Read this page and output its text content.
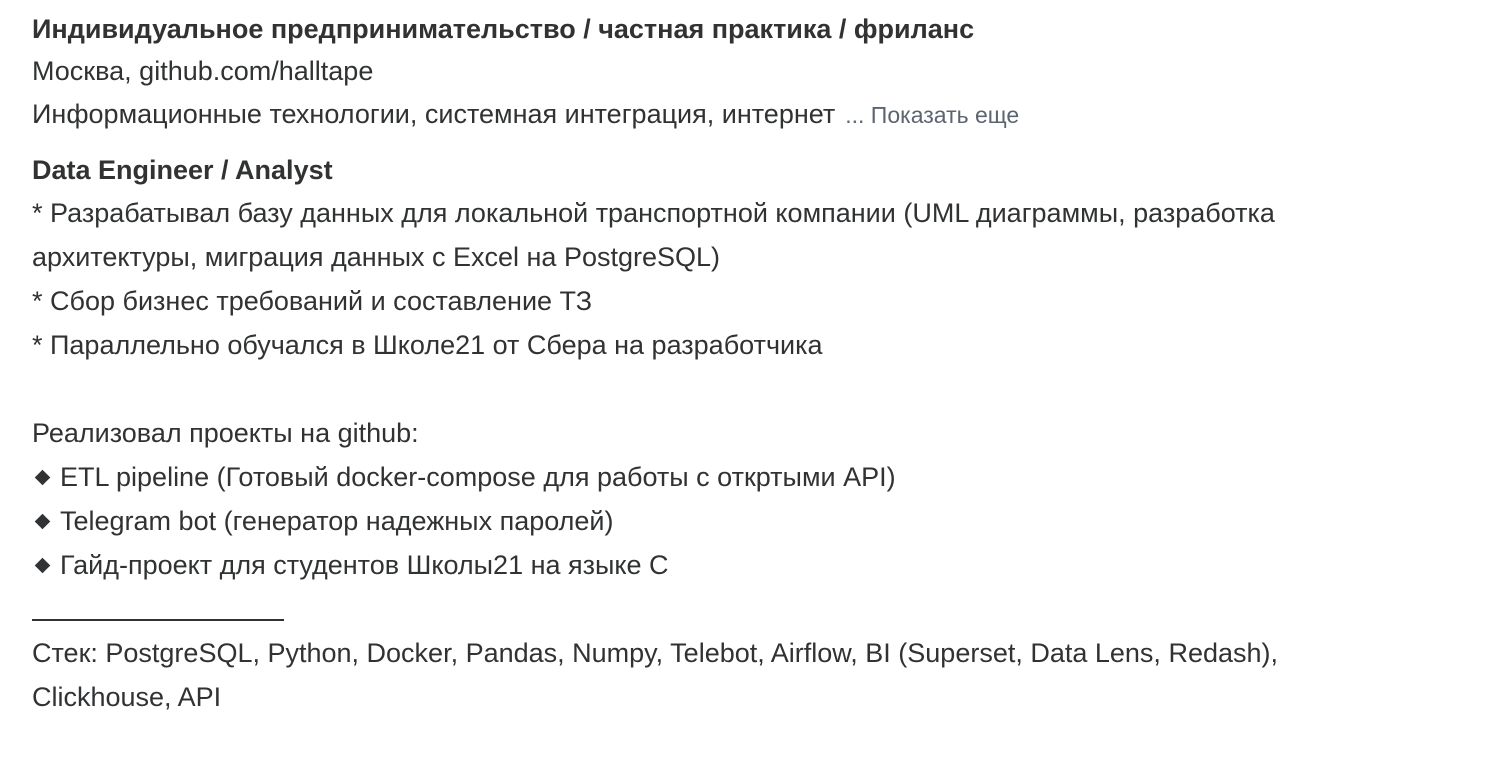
Индивидуальное предпринимательство / частная практика / фриланс
Москва, github.com/halltape
Информационные технологии, системная интеграция, интернет ... Показать еще
Data Engineer / Analyst

* Разрабатывал базу данных для локальной транспортной компании (UML диаграммы, разработка

архитектуры, миграция данных с Excel на PostgreSQL)

* Сбор бизнес требований и составление ТЗ

* Параллельно обучался в Школе21 от Сбера на разработчика

Реализовал проекты на github:

ETL pipeline (Готовый docker-compose для работы с откртыми API)

Telegram bot (генератор надежных паролей)

Гайд-проект для студентов Школы21 на языке С

Стек: PostgreSQL, Python, Docker, Pandas, Numpy, Telebot, Airflow, BI (Superset, Data Lens, Redash),

Clickhouse, API
